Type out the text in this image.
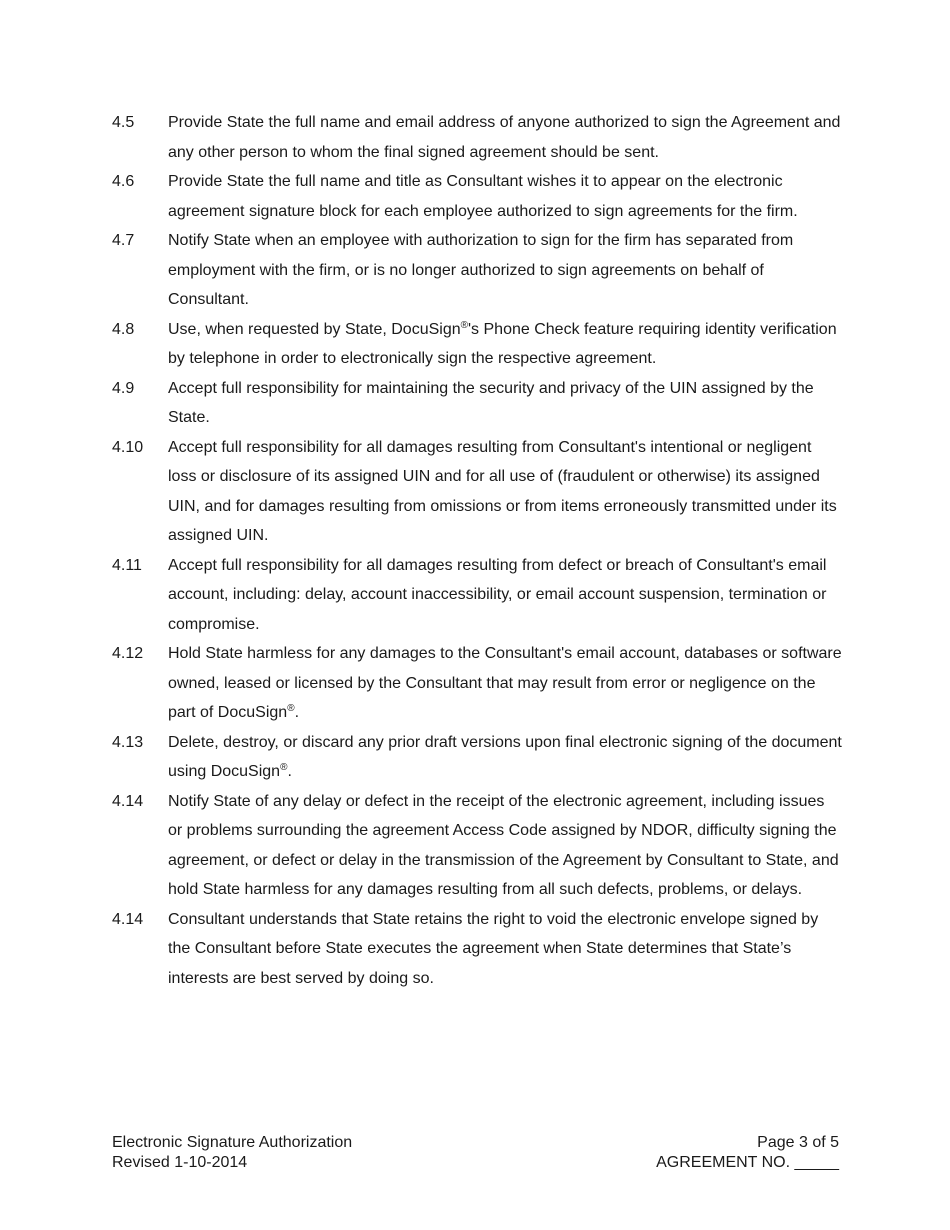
4.5	Provide State the full name and email address of anyone authorized to sign the Agreement and any other person to whom the final signed agreement should be sent.
4.6	Provide State the full name and title as Consultant wishes it to appear on the electronic agreement signature block for each employee authorized to sign agreements for the firm.
4.7	Notify State when an employee with authorization to sign for the firm has separated from employment with the firm, or is no longer authorized to sign agreements on behalf of Consultant.
4.8	Use, when requested by State, DocuSign®'s Phone Check feature requiring identity verification by telephone in order to electronically sign the respective agreement.
4.9	Accept full responsibility for maintaining the security and privacy of the UIN assigned by the State.
4.10	Accept full responsibility for all damages resulting from Consultant's intentional or negligent loss or disclosure of its assigned UIN and for all use of (fraudulent or otherwise) its assigned UIN, and for damages resulting from omissions or from items erroneously transmitted under its assigned UIN.
4.11	Accept full responsibility for all damages resulting from defect or breach of Consultant's email account, including: delay, account inaccessibility, or email account suspension, termination or compromise.
4.12	Hold State harmless for any damages to the Consultant's email account, databases or software owned, leased or licensed by the Consultant that may result from error or negligence on the part of DocuSign®.
4.13	Delete, destroy, or discard any prior draft versions upon final electronic signing of the document using DocuSign®.
4.14	Notify State of any delay or defect in the receipt of the electronic agreement, including issues or problems surrounding the agreement Access Code assigned by NDOR, difficulty signing the agreement, or defect or delay in the transmission of the Agreement by Consultant to State, and hold State harmless for any damages resulting from all such defects, problems, or delays.
4.14	Consultant understands that State retains the right to void the electronic envelope signed by the Consultant before State executes the agreement when State determines that State’s interests are best served by doing so.
Electronic Signature Authorization
Revised 1-10-2014
Page 3 of 5
AGREEMENT NO. _____
